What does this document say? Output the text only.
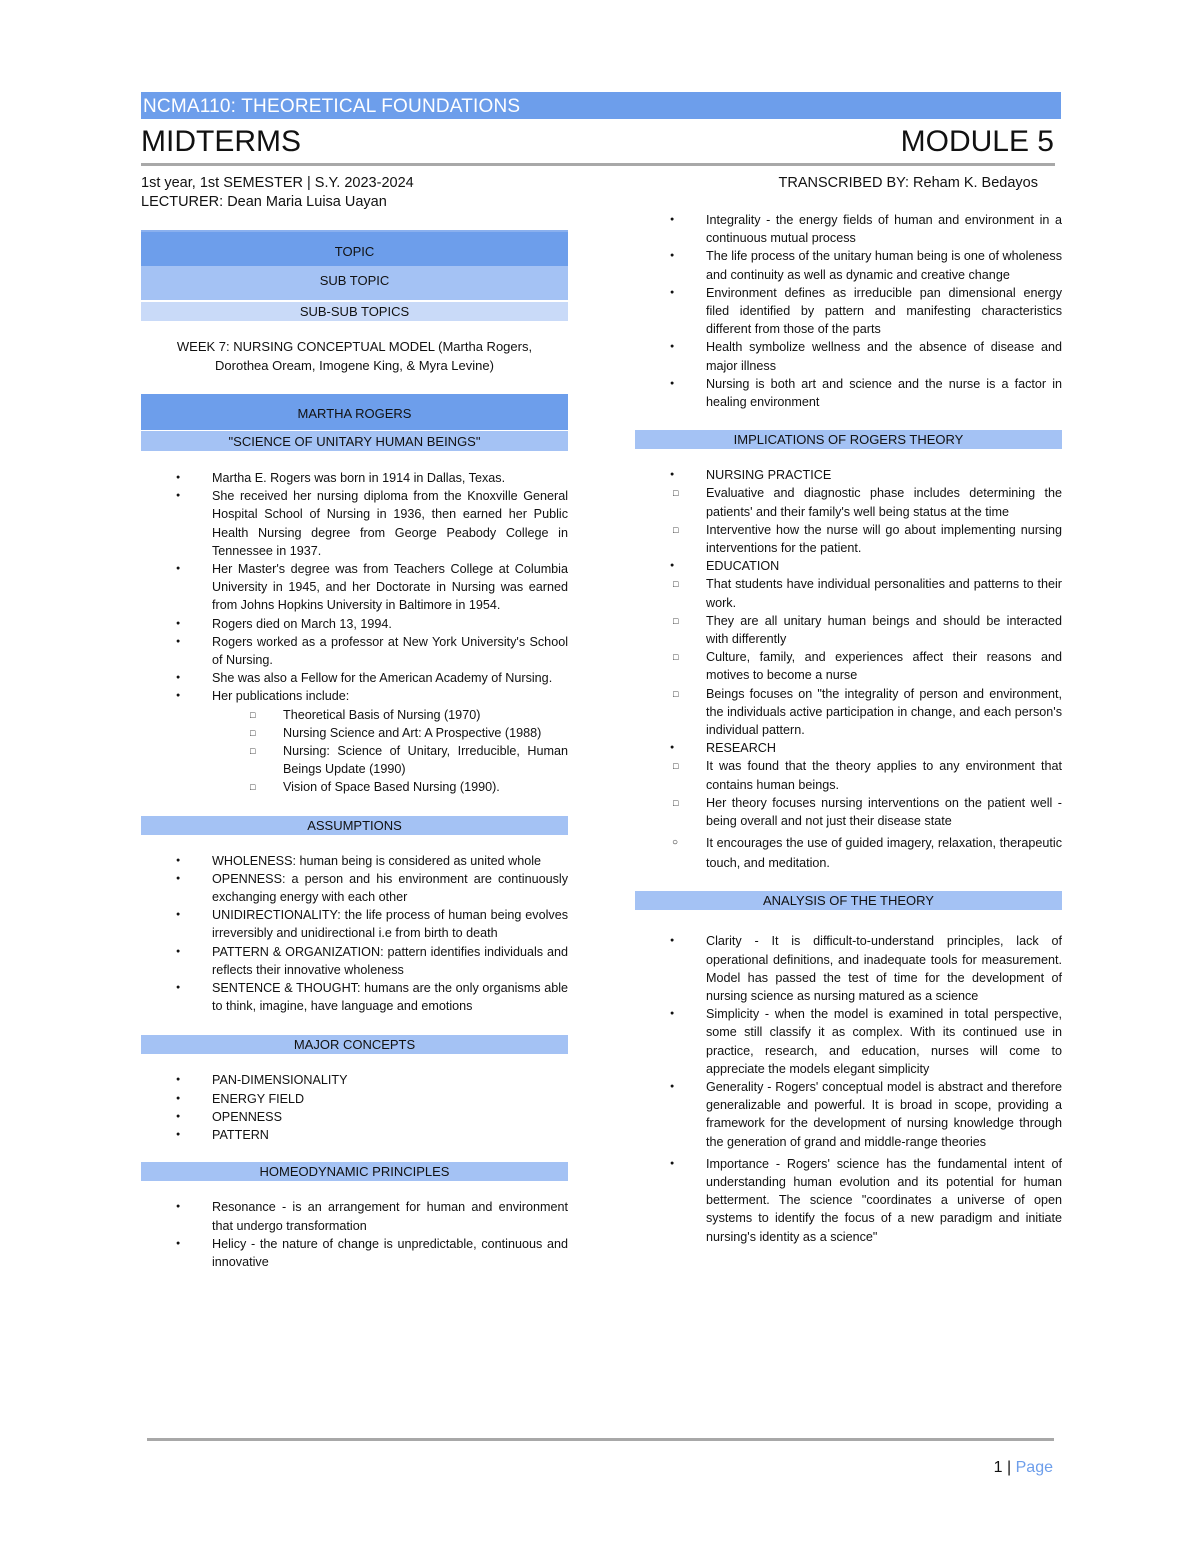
NCMA110: THEORETICAL FOUNDATIONS
MIDTERMS	MODULE 5
1st year, 1st SEMESTER | S.Y. 2023-2024
LECTURER: Dean Maria Luisa Uayan
TRANSCRIBED BY: Reham K. Bedayos
TOPIC
SUB TOPIC
SUB-SUB TOPICS
WEEK 7: NURSING CONCEPTUAL MODEL (Martha Rogers, Dorothea Oream, Imogene King, & Myra Levine)
MARTHA ROGERS
"SCIENCE OF UNITARY HUMAN BEINGS"
● Martha E. Rogers was born in 1914 in Dallas, Texas.
● She received her nursing diploma from the Knoxville General Hospital School of Nursing in 1936, then earned her Public Health Nursing degree from George Peabody College in Tennessee in 1937.
● Her Master's degree was from Teachers College at Columbia University in 1945, and her Doctorate in Nursing was earned from Johns Hopkins University in Baltimore in 1954.
● Rogers died on March 13, 1994.
● Rogers worked as a professor at New York University's School of Nursing.
● She was also a Fellow for the American Academy of Nursing.
● Her publications include:
□ Theoretical Basis of Nursing (1970)
□ Nursing Science and Art: A Prospective (1988)
□ Nursing: Science of Unitary, Irreducible, Human Beings Update (1990)
□ Vision of Space Based Nursing (1990).
ASSUMPTIONS
● WHOLENESS: human being is considered as united whole
● OPENNESS: a person and his environment are continuously exchanging energy with each other
● UNIDIRECTIONALITY: the life process of human being evolves irreversibly and unidirectional i.e from birth to death
● PATTERN & ORGANIZATION: pattern identifies individuals and reflects their innovative wholeness
● SENTENCE & THOUGHT: humans are the only organisms able to think, imagine, have language and emotions
MAJOR CONCEPTS
● PAN-DIMENSIONALITY
● ENERGY FIELD
● OPENNESS
● PATTERN
HOMEODYNAMIC PRINCIPLES
● Resonance - is an arrangement for human and environment that undergo transformation
● Helicy - the nature of change is unpredictable, continuous and innovative
● Integrality - the energy fields of human and environment in a continuous mutual process
● The life process of the unitary human being is one of wholeness and continuity as well as dynamic and creative change
● Environment defines as irreducible pan dimensional energy filed identified by pattern and manifesting characteristics different from those of the parts
● Health symbolize wellness and the absence of disease and major illness
● Nursing is both art and science and the nurse is a factor in healing environment
IMPLICATIONS OF ROGERS THEORY
● NURSING PRACTICE
□ Evaluative and diagnostic phase includes determining the patients' and their family's well being status at the time
□ Interventive how the nurse will go about implementing nursing interventions for the patient.
● EDUCATION
□ That students have individual personalities and patterns to their work.
□ They are all unitary human beings and should be interacted with differently
□ Culture, family, and experiences affect their reasons and motives to become a nurse
□ Beings focuses on "the integrality of person and environment, the individuals active participation in change, and each person's individual pattern.
● RESEARCH
□ It was found that the theory applies to any environment that contains human beings.
□ Her theory focuses nursing interventions on the patient well -being overall and not just their disease state
○ It encourages the use of guided imagery, relaxation, therapeutic touch, and meditation.
ANALYSIS OF THE THEORY
● Clarity - It is difficult-to-understand principles, lack of operational definitions, and inadequate tools for measurement. Model has passed the test of time for the development of nursing science as nursing matured as a science
● Simplicity - when the model is examined in total perspective, some still classify it as complex. With its continued use in practice, research, and education, nurses will come to appreciate the models elegant simplicity
● Generality - Rogers' conceptual model is abstract and therefore generalizable and powerful. It is broad in scope, providing a framework for the development of nursing knowledge through the generation of grand and middle-range theories
● Importance - Rogers' science has the fundamental intent of understanding human evolution and its potential for human betterment. The science "coordinates a universe of open systems to identify the focus of a new paradigm and initiate nursing's identity as a science"
1 | Page
